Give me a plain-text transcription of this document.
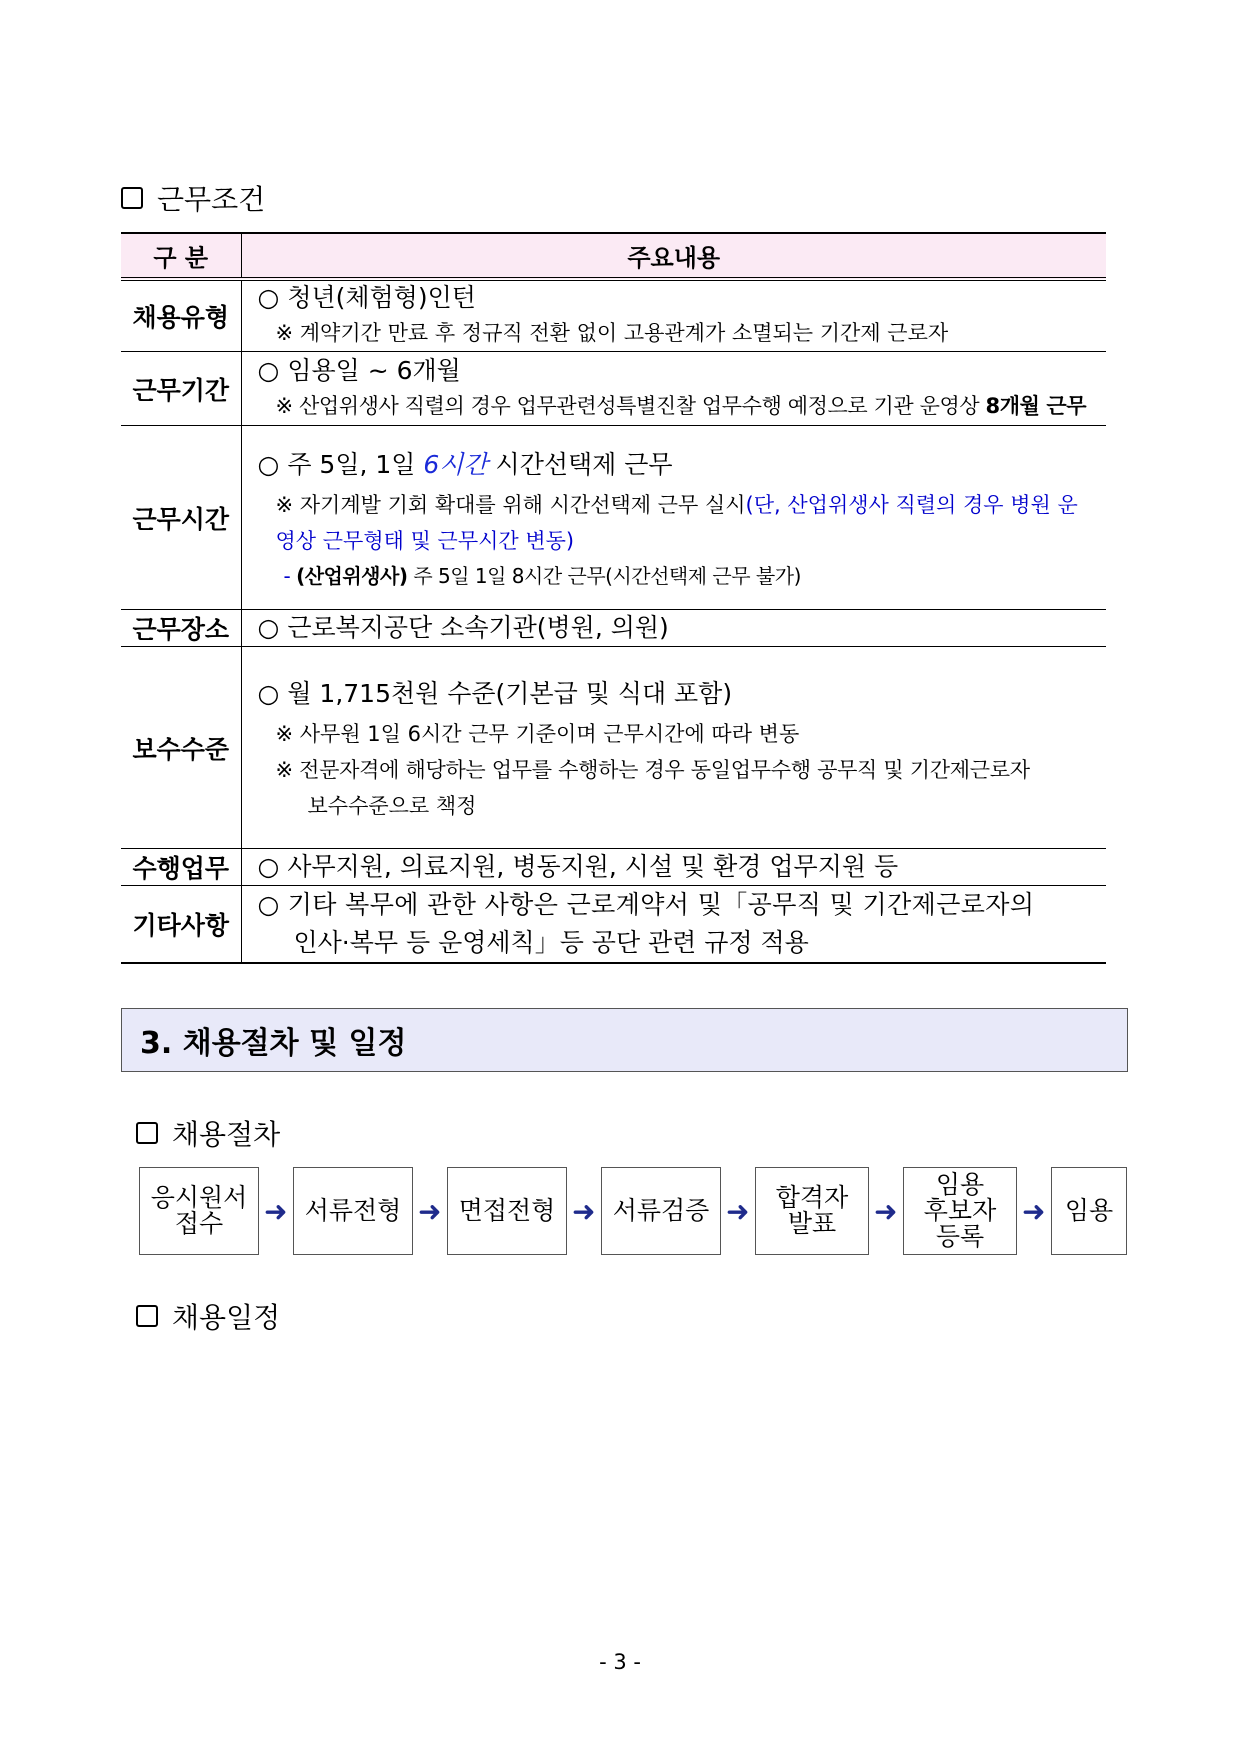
근무조건
구 분	주요내용
채용유형	○ 청년(체험형)인턴
※ 계약기간 만료 후 정규직 전환 없이 고용관계가 소멸되는 기간제 근로자

근무기간	○ 임용일 ~ 6개월
※ 산업위생사 직렬의 경우 업무관련성특별진찰 업무수행 예정으로 기관 운영상 8개월 근무

근무시간	○ 주 5일, 1일 6시간 시간선택제 근무
※ 자기계발 기회 확대를 위해 시간선택제 근무 실시(단, 산업위생사 직렬의 경우 병원 운영상 근무형태 및 근무시간 변동)
- (산업위생사) 주 5일 1일 8시간 근무(시간선택제 근무 불가)

근무장소	○ 근로복지공단 소속기관(병원, 의원)

보수수준	○ 월 1,715천원 수준(기본급 및 식대 포함)
※ 사무원 1일 6시간 근무 기준이며 근무시간에 따라 변동
※ 전문자격에 해당하는 업무를 수행하는 경우 동일업무수행 공무직 및 기간제근로자
보수수준으로 책정

수행업무	○ 사무지원, 의료지원, 병동지원, 시설 및 환경 업무지원 등

기타사항	○ 기타 복무에 관한 사항은 근로계약서 및「공무직 및 기간제근로자의
인사·복무 등 운영세칙」등 공단 관련 규정 적용
3. 채용절차 및 일정
채용절차
응시원서
접수 ➜ 서류전형 ➜ 면접전형 ➜ 서류검증 ➜ 합격자
발표 ➜
임용
후보자
등록
➜ 임용
채용일정
- 3 -
